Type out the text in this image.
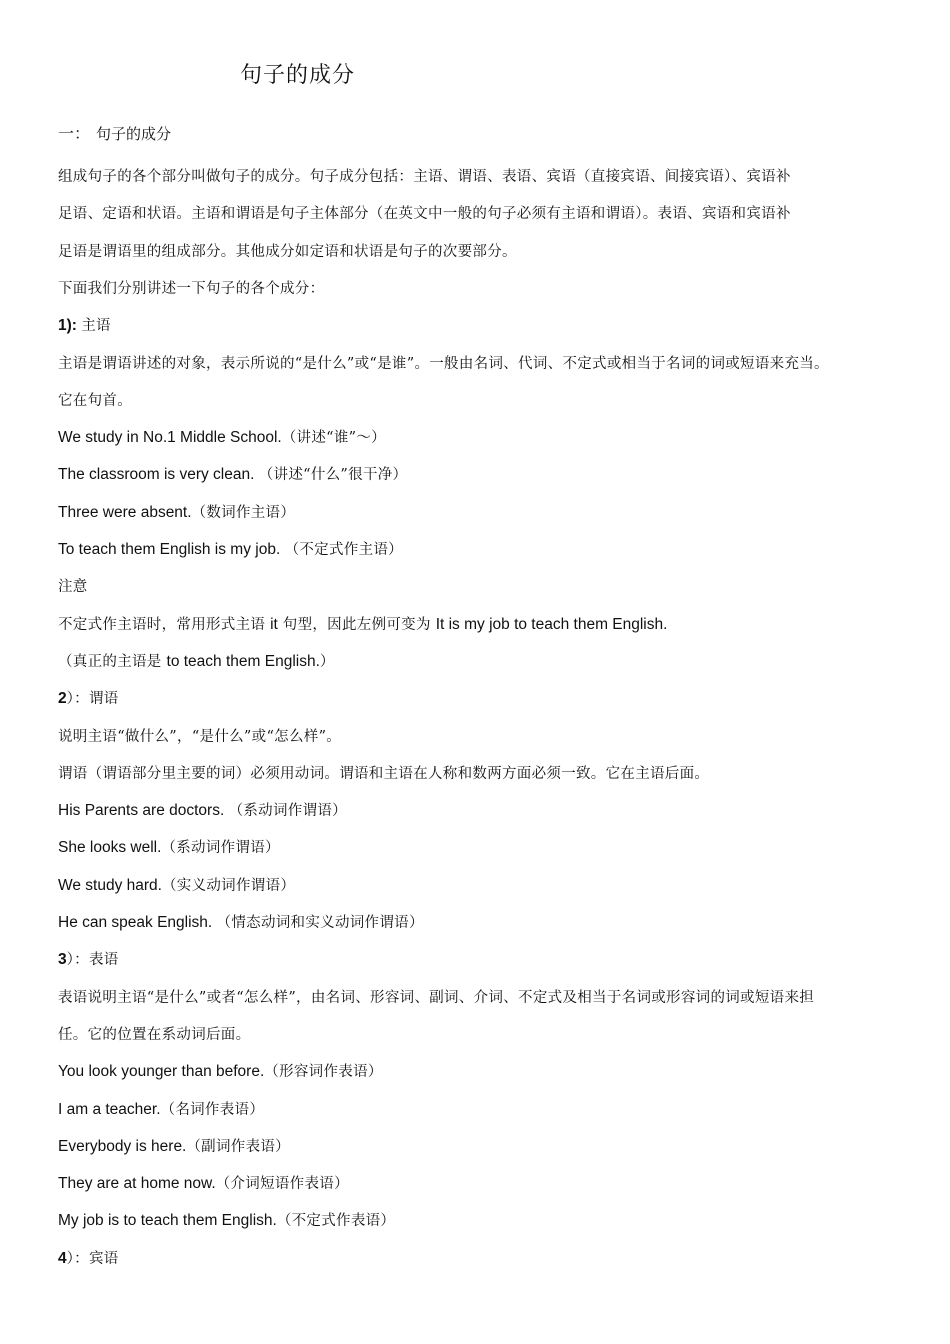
句子的成分
一： 句子的成分
组成句子的各个部分叫做句子的成分。句子成分包括：主语、谓语、表语、宾语（直接宾语、间接宾语）、宾语补
足语、定语和状语。主语和谓语是句子主体部分（在英文中一般的句子必须有主语和谓语）。表语、宾语和宾语补
足语是谓语里的组成部分。其他成分如定语和状语是句子的次要部分。
下面我们分别讲述一下句子的各个成分：
1): 主语
主语是谓语讲述的对象，表示所说的“是什么”或“是谁”。一般由名词、代词、不定式或相当于名词的词或短语来充当。
它在句首。
We study in No.1 Middle School.（讲述“谁”～）
The classroom is very clean. （讲述“什么”很干净）
Three were absent.（数词作主语）
To teach them English is my job. （不定式作主语）
注意
不定式作主语时，常用形式主语 it 句型，因此左例可变为 It is my job to teach them English.
（真正的主语是 to teach them English.）
2）：谓语
说明主语“做什么”，“是什么”或“怎么样”。
谓语（谓语部分里主要的词）必须用动词。谓语和主语在人称和数两方面必须一致。它在主语后面。
His Parents are doctors. （系动词作谓语）
She looks well.（系动词作谓语）
We study hard.（实义动词作谓语）
He can speak English. （情态动词和实义动词作谓语）
3）：表语
表语说明主语“是什么”或者“怎么样”，由名词、形容词、副词、介词、不定式及相当于名词或形容词的词或短语来担
任。它的位置在系动词后面。
You look younger than before.（形容词作表语）
I am a teacher.（名词作表语）
Everybody is here.（副词作表语）
They are at home now.（介词短语作表语）
My job is to teach them English.（不定式作表语）
4）：宾语
